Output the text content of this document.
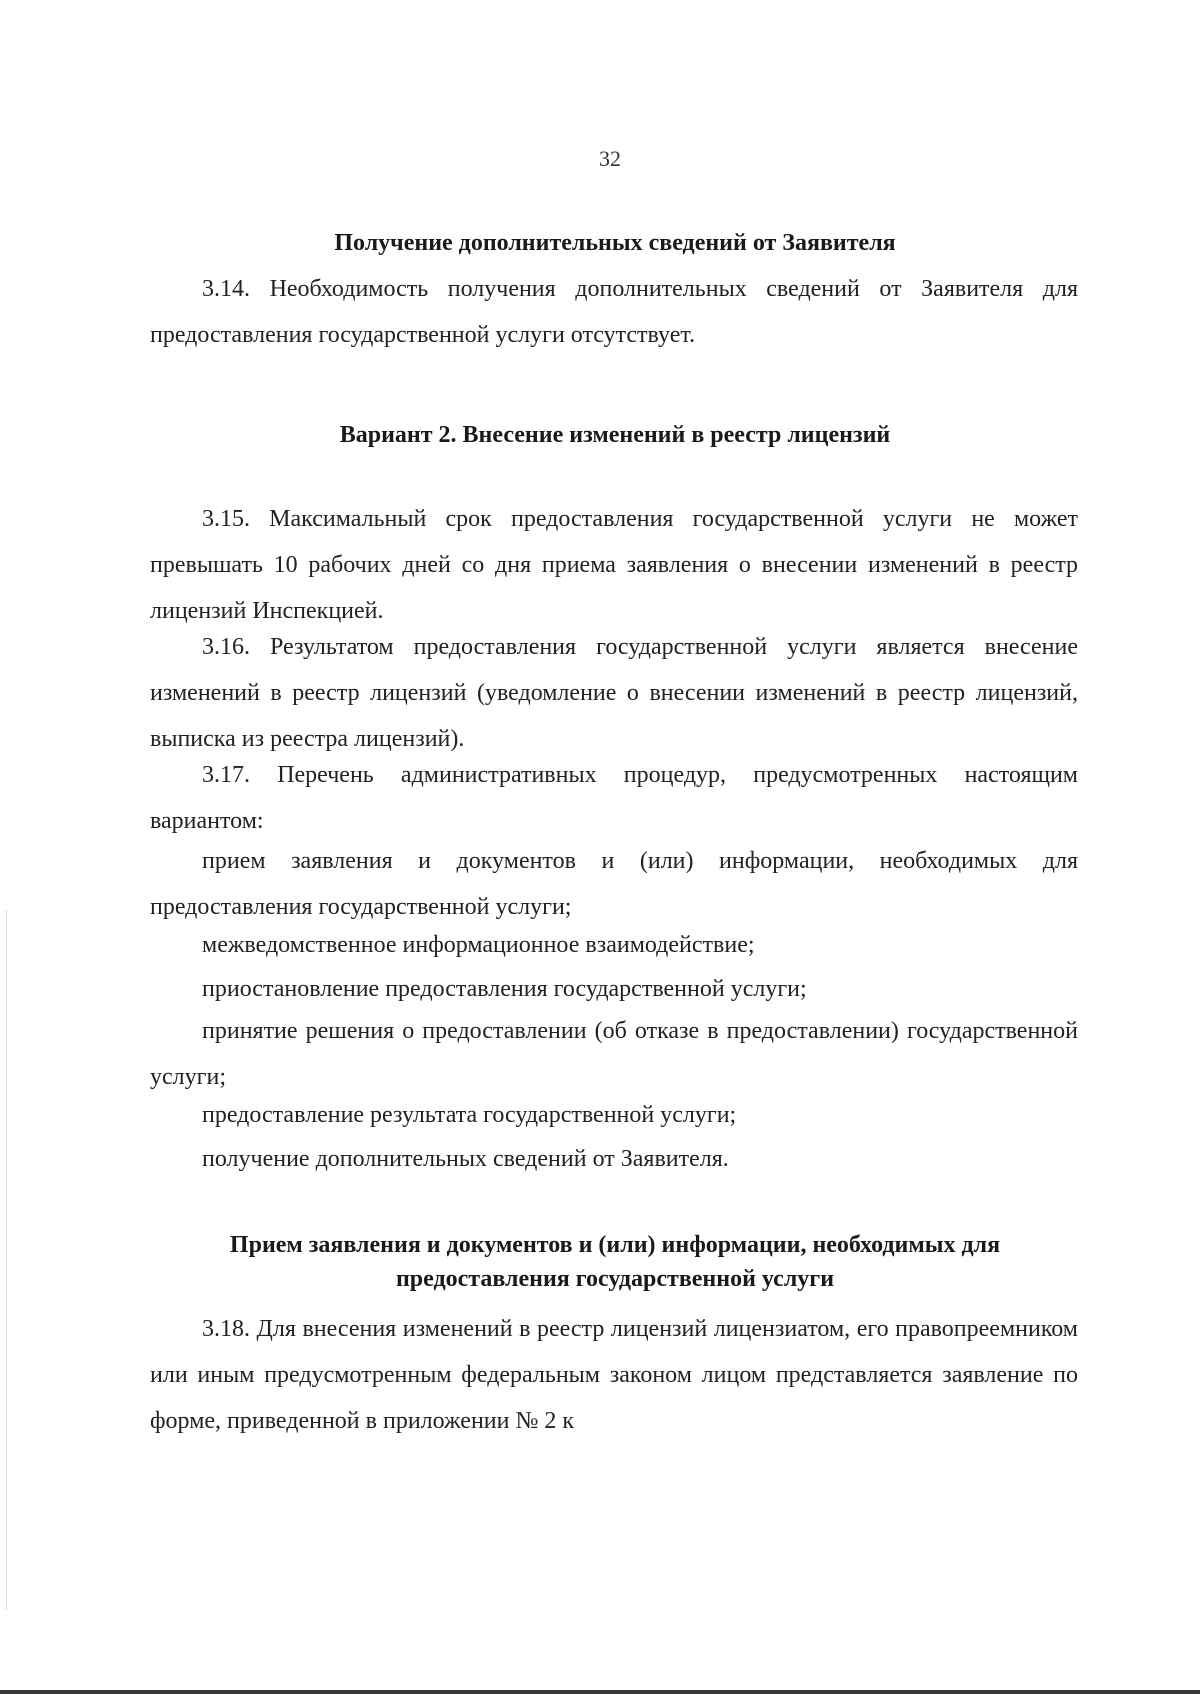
32
Получение дополнительных сведений от Заявителя

3.14. Необходимость получения дополнительных сведений от Заявителя для предоставления государственной услуги отсутствует.

Вариант 2. Внесение изменений в реестр лицензий

3.15. Максимальный срок предоставления государственной услуги не может превышать 10 рабочих дней со дня приема заявления о внесении изменений в реестр лицензий Инспекцией.

3.16. Результатом предоставления государственной услуги является внесение изменений в реестр лицензий (уведомление о внесении изменений в реестр лицензий, выписка из реестра лицензий).

3.17. Перечень административных процедур, предусмотренных настоящим вариантом:

прием заявления и документов и (или) информации, необходимых для предоставления государственной услуги;

межведомственное информационное взаимодействие;

приостановление предоставления государственной услуги;

принятие решения о предоставлении (об отказе в предоставлении) государственной услуги;

предоставление результата государственной услуги;

получение дополнительных сведений от Заявителя.

Прием заявления и документов и (или) информации, необходимых для предоставления государственной услуги

3.18. Для внесения изменений в реестр лицензий лицензиатом, его правопреемником или иным предусмотренным федеральным законом лицом представляется заявление по форме, приведенной в приложении № 2 к
